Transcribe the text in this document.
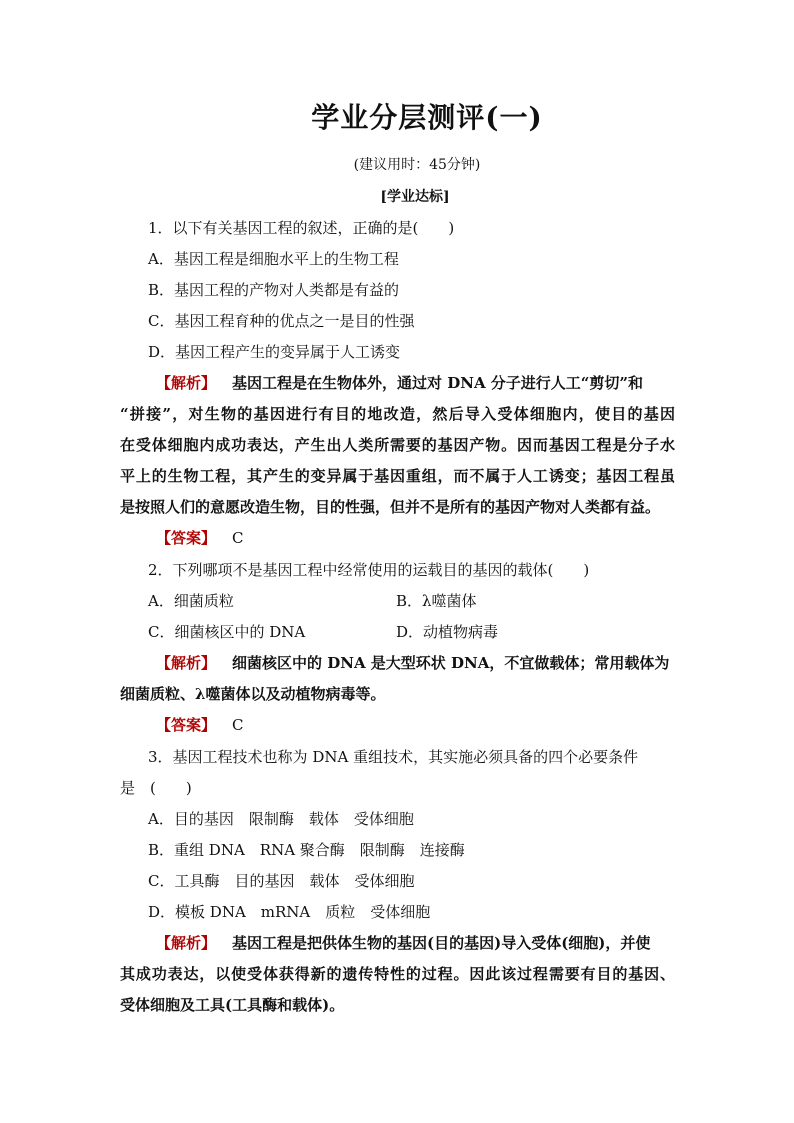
学业分层测评(一)
(建议用时：45分钟)
[学业达标]
1．以下有关基因工程的叙述，正确的是(　　)
A．基因工程是细胞水平上的生物工程
B．基因工程的产物对人类都是有益的
C．基因工程育种的优点之一是目的性强
D．基因工程产生的变异属于人工诱变
【解析】 基因工程是在生物体外，通过对 DNA 分子进行人工“剪切”和
“拼接”，对生物的基因进行有目的地改造，然后导入受体细胞内，使目的基因
在受体细胞内成功表达，产生出人类所需要的基因产物。因而基因工程是分子水
平上的生物工程，其产生的变异属于基因重组，而不属于人工诱变；基因工程虽
是按照人们的意愿改造生物，目的性强，但并不是所有的基因产物对人类都有益。
【答案】 C
2．下列哪项不是基因工程中经常使用的运载目的基因的载体(　　)
A．细菌质粒	B．λ噬菌体
C．细菌核区中的 DNA	D．动植物病毒
【解析】 细菌核区中的 DNA 是大型环状 DNA，不宜做载体；常用载体为
细菌质粒、λ噬菌体以及动植物病毒等。
【答案】 C
3．基因工程技术也称为 DNA 重组技术，其实施必须具备的四个必要条件
是　(　　)
A．目的基因　限制酶　载体　受体细胞
B．重组 DNA　RNA 聚合酶　限制酶　连接酶
C．工具酶　目的基因　载体　受体细胞
D．模板 DNA　mRNA　质粒　受体细胞
【解析】 基因工程是把供体生物的基因(目的基因)导入受体(细胞)，并使
其成功表达，以使受体获得新的遗传特性的过程。因此该过程需要有目的基因、
受体细胞及工具(工具酶和载体)。
